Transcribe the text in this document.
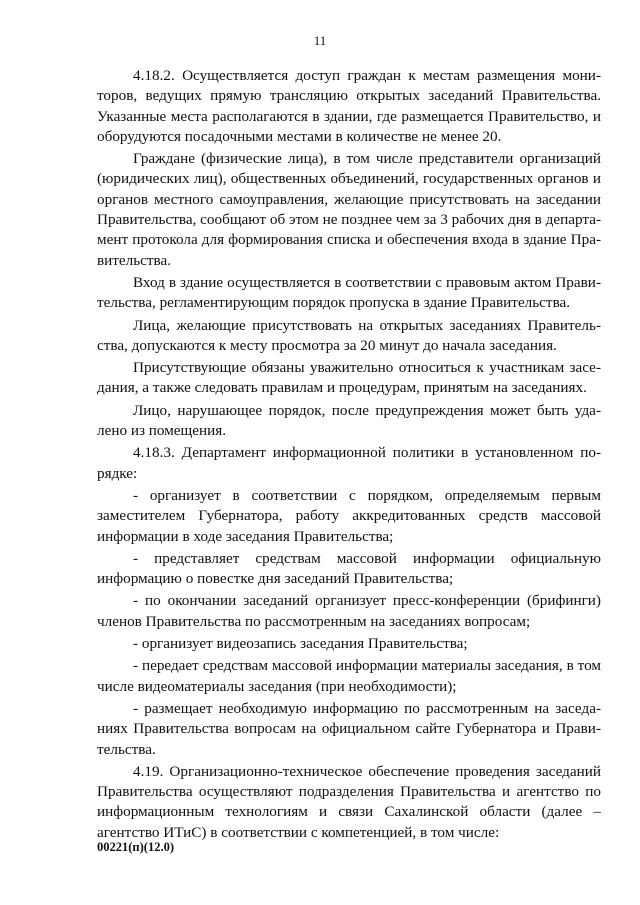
11

4.18.2. Осуществляется доступ граждан к местам размещения мониторов, ведущих прямую трансляцию открытых заседаний Правительства. Указанные места располагаются в здании, где размещается Правительство, и оборудуются посадочными местами в количестве не менее 20.

Граждане (физические лица), в том числе представители организаций (юридических лиц), общественных объединений, государственных органов и органов местного самоуправления, желающие присутствовать на заседании Правительства, сообщают об этом не позднее чем за 3 рабочих дня в департамент протокола для формирования списка и обеспечения входа в здание Правительства.

Вход в здание осуществляется в соответствии с правовым актом Правительства, регламентирующим порядок пропуска в здание Правительства.

Лица, желающие присутствовать на открытых заседаниях Правительства, допускаются к месту просмотра за 20 минут до начала заседания.

Присутствующие обязаны уважительно относиться к участникам заседания, а также следовать правилам и процедурам, принятым на заседаниях.

Лицо, нарушающее порядок, после предупреждения может быть удалено из помещения.

4.18.3. Департамент информационной политики в установленном порядке:

- организует в соответствии с порядком, определяемым первым заместителем Губернатора, работу аккредитованных средств массовой информации в ходе заседания Правительства;

- представляет средствам массовой информации официальную информацию о повестке дня заседаний Правительства;

- по окончании заседаний организует пресс-конференции (брифинги) членов Правительства по рассмотренным на заседаниях вопросам;

- организует видеозапись заседания Правительства;

- передает средствам массовой информации материалы заседания, в том числе видеоматериалы заседания (при необходимости);

- размещает необходимую информацию по рассмотренным на заседаниях Правительства вопросам на официальном сайте Губернатора и Правительства.

4.19. Организационно-техническое обеспечение проведения заседаний Правительства осуществляют подразделения Правительства и агентство по информационным технологиям и связи Сахалинской области (далее – агентство ИТиС) в соответствии с компетенцией, в том числе:

00221(п)(12.0)
